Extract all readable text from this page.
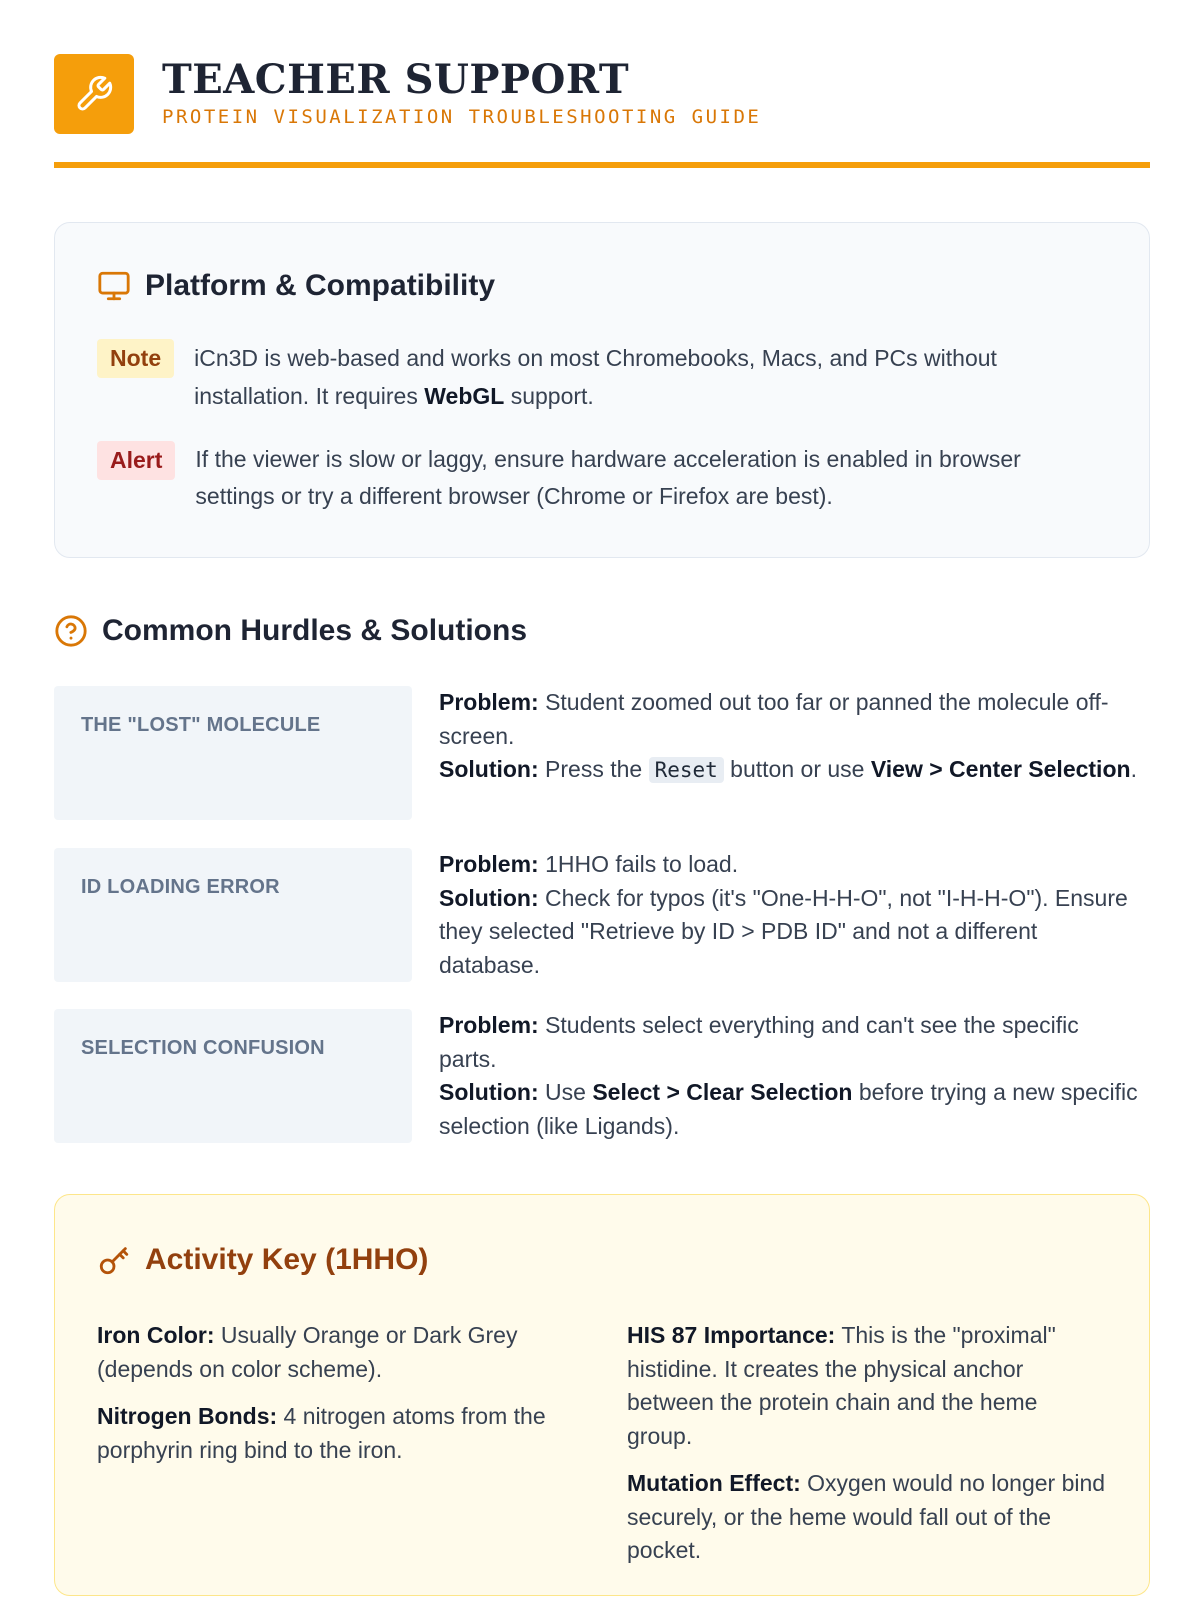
TEACHER SUPPORT
PROTEIN VISUALIZATION TROUBLESHOOTING GUIDE
Platform & Compatibility
Note	iCn3D is web-based and works on most Chromebooks, Macs, and PCs without installation. It requires WebGL support.
Alert	If the viewer is slow or laggy, ensure hardware acceleration is enabled in browser settings or try a different browser (Chrome or Firefox are best).
Common Hurdles & Solutions
THE "LOST" MOLECULE
Problem: Student zoomed out too far or panned the molecule off-screen.
Solution: Press the Reset button or use View > Center Selection.
ID LOADING ERROR
Problem: 1HHO fails to load.
Solution: Check for typos (it's "One-H-H-O", not "I-H-H-O"). Ensure they selected "Retrieve by ID > PDB ID" and not a different database.
SELECTION CONFUSION
Problem: Students select everything and can't see the specific parts.
Solution: Use Select > Clear Selection before trying a new specific selection (like Ligands).
Activity Key (1HHO)
Iron Color: Usually Orange or Dark Grey (depends on color scheme).
Nitrogen Bonds: 4 nitrogen atoms from the porphyrin ring bind to the iron.
HIS 87 Importance: This is the "proximal" histidine. It creates the physical anchor between the protein chain and the heme group.
Mutation Effect: Oxygen would no longer bind securely, or the heme would fall out of the pocket.
